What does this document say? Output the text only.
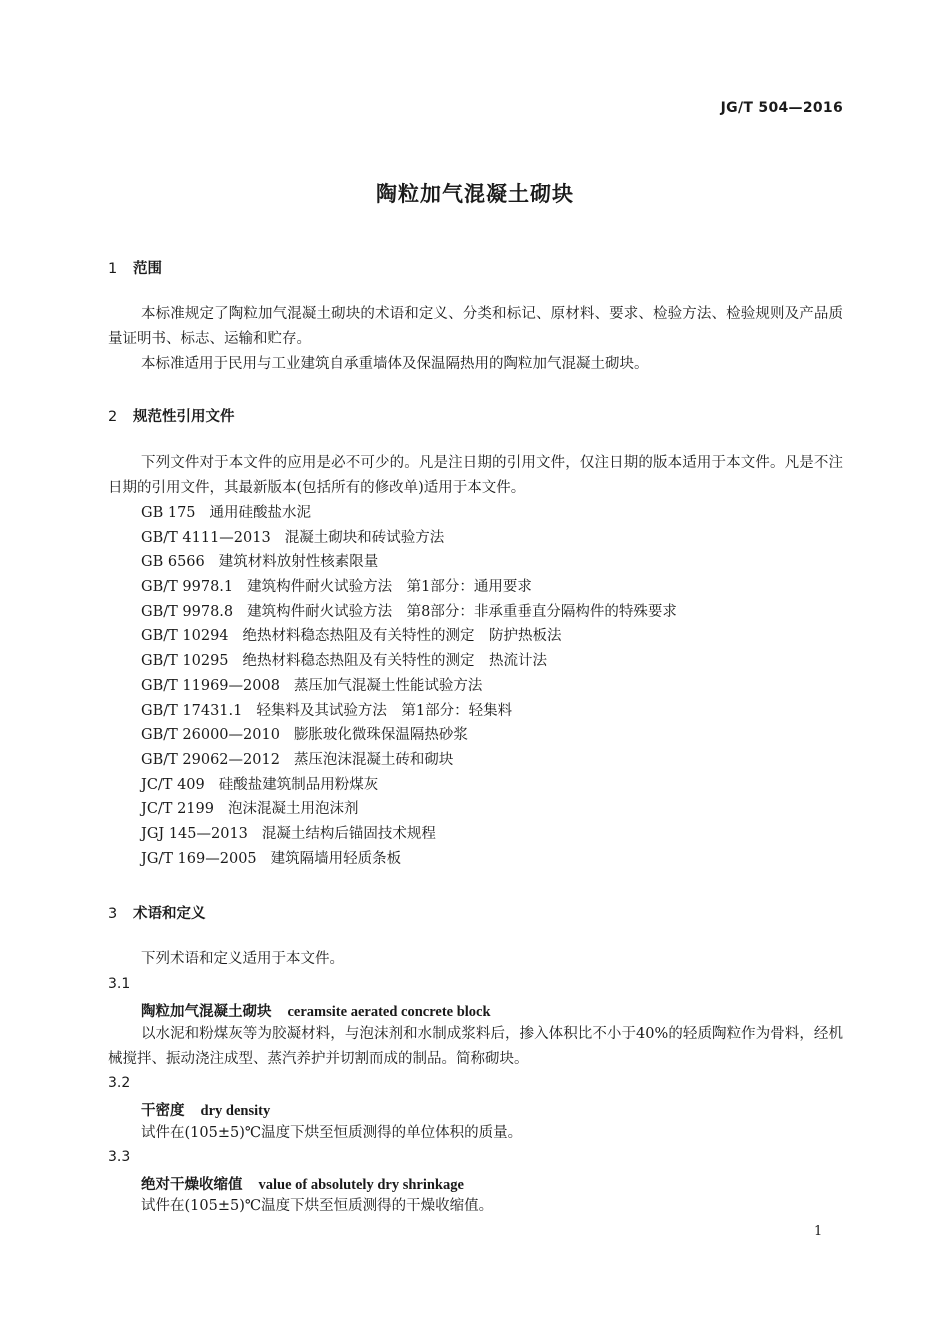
JG/T 504—2016
陶粒加气混凝土砌块
1 范围

本标准规定了陶粒加气混凝土砌块的术语和定义、分类和标记、原材料、要求、检验方法、检验规则及产品质量证明书、标志、运输和贮存。

本标准适用于民用与工业建筑自承重墙体及保温隔热用的陶粒加气混凝土砌块。

2 规范性引用文件

下列文件对于本文件的应用是必不可少的。凡是注日期的引用文件，仅注日期的版本适用于本文件。凡是不注日期的引用文件，其最新版本(包括所有的修改单)适用于本文件。

GB 175 通用硅酸盐水泥
GB/T 4111—2013 混凝土砌块和砖试验方法
GB 6566 建筑材料放射性核素限量
GB/T 9978.1 建筑构件耐火试验方法　第1部分：通用要求
GB/T 9978.8 建筑构件耐火试验方法　第8部分：非承重垂直分隔构件的特殊要求
GB/T 10294 绝热材料稳态热阻及有关特性的测定　防护热板法
GB/T 10295 绝热材料稳态热阻及有关特性的测定　热流计法
GB/T 11969—2008 蒸压加气混凝土性能试验方法
GB/T 17431.1 轻集料及其试验方法　第1部分：轻集料
GB/T 26000—2010 膨胀玻化微珠保温隔热砂浆
GB/T 29062—2012 蒸压泡沫混凝土砖和砌块
JC/T 409 硅酸盐建筑制品用粉煤灰
JC/T 2199 泡沫混凝土用泡沫剂
JGJ 145—2013 混凝土结构后锚固技术规程
JG/T 169—2005 建筑隔墙用轻质条板
3 术语和定义

下列术语和定义适用于本文件。

3.1
陶粒加气混凝土砌块 ceramsite aerated concrete block

以水泥和粉煤灰等为胶凝材料，与泡沫剂和水制成浆料后，掺入体积比不小于40%的轻质陶粒作为骨料，经机械搅拌、振动浇注成型、蒸汽养护并切割而成的制品。简称砌块。

3.2
干密度 dry density

试件在(105±5)℃温度下烘至恒质测得的单位体积的质量。

3.3
绝对干燥收缩值 value of absolutely dry shrinkage

试件在(105±5)℃温度下烘至恒质测得的干燥收缩值。

1
